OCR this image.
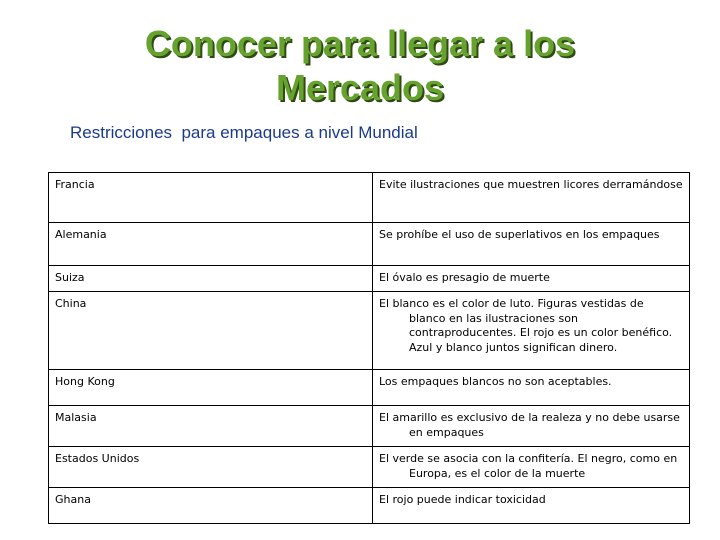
Conocer para llegar a los
Mercados
Restricciones  para empaques a nivel Mundial
Francia	Evite ilustraciones que muestren licores derramándose
Alemania	Se prohíbe el uso de superlativos en los empaques
Suiza	El óvalo es presagio de muerte
China	El blanco es el color de luto. Figuras vestidas de blanco en las ilustraciones son contraproducentes. El rojo es un color benéfico. Azul y blanco juntos significan dinero.
Hong Kong	Los empaques blancos no son aceptables.
Malasia	El amarillo es exclusivo de la realeza y no debe usarse en empaques
Estados Unidos	El verde se asocia con la confitería. El negro, como en Europa, es el color de la muerte
Ghana	El rojo puede indicar toxicidad
